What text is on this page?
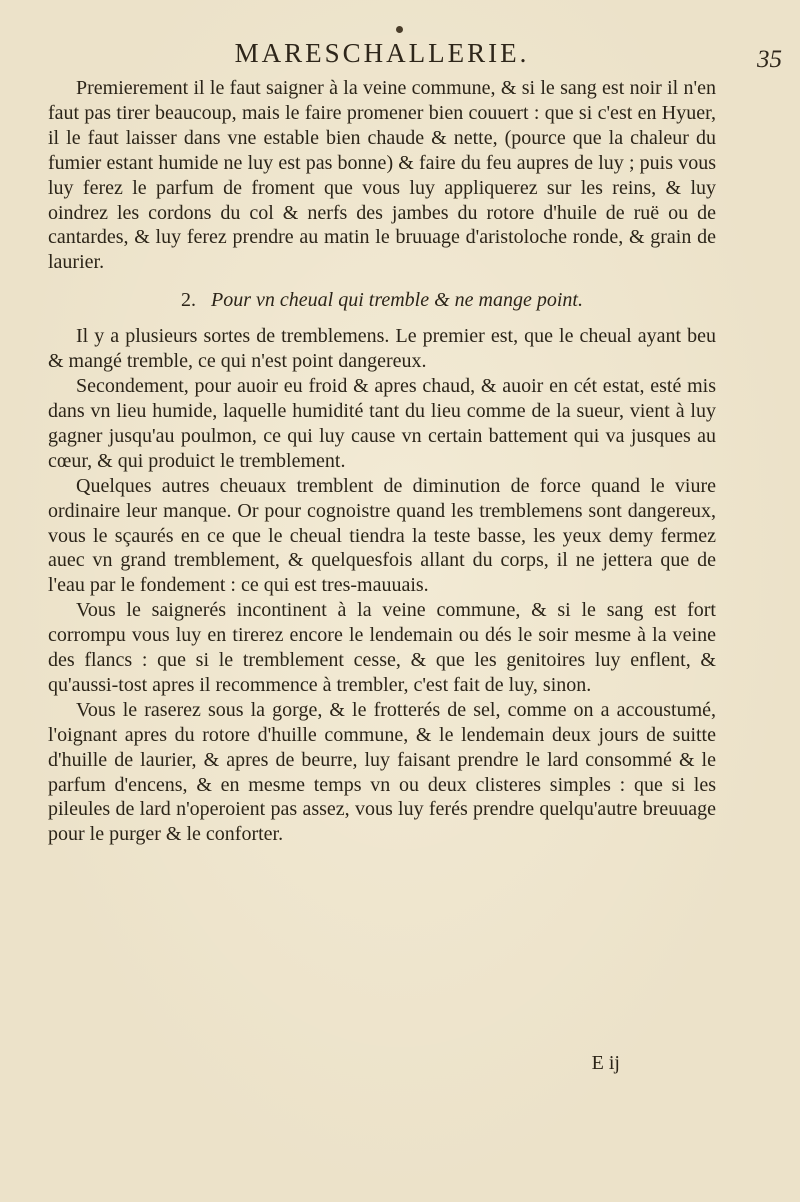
MARESCHALLERIE.	35

Premierement il le faut saigner à la veine commune, & si le sang est noir il n'en faut pas tirer beaucoup, mais le faire promener bien couuert : que si c'est en Hyuer, il le faut laisser dans vne estable bien chaude & nette, (pource que la chaleur du fumier estant humide ne luy est pas bonne) & faire du feu aupres de luy ; puis vous luy ferez le parfum de froment que vous luy appliquerez sur les reins, & luy oindrez les cordons du col & nerfs des jambes du rotore d'huile de ruë ou de cantardes, & luy ferez prendre au matin le bruuage d'aristoloche ronde, & grain de laurier.

2. Pour vn cheual qui tremble & ne mange point.

Il y a plusieurs sortes de tremblemens. Le premier est, que le cheual ayant beu & mangé tremble, ce qui n'est point dangereux.

Secondement, pour auoir eu froid & apres chaud, & auoir en cét estat, esté mis dans vn lieu humide, laquelle humidité tant du lieu comme de la sueur, vient à luy gagner jusqu'au poulmon, ce qui luy cause vn certain battement qui va jusques au cœur, & qui produict le tremblement.

Quelques autres cheuaux tremblent de diminution de force quand le viure ordinaire leur manque. Or pour cognoistre quand les tremblemens sont dangereux, vous le sçaurés en ce que le cheual tiendra la teste basse, les yeux demy fermez auec vn grand tremblement, & quelquesfois allant du corps, il ne jettera que de l'eau par le fondement : ce qui est tres-mauuais.

Vous le saignerés incontinent à la veine commune, & si le sang est fort corrompu vous luy en tirerez encore le lendemain ou dés le soir mesme à la veine des flancs : que si le tremblement cesse, & que les genitoires luy enflent, & qu'aussi-tost apres il recommence à trembler, c'est fait de luy, sinon.

Vous le raserez sous la gorge, & le frotterés de sel, comme on a accoustumé, l'oignant apres du rotore d'huille commune, & le lendemain deux jours de suitte d'huille de laurier, & apres de beurre, luy faisant prendre le lard consommé & le parfum d'encens, & en mesme temps vn ou deux clisteres simples : que si les pileules de lard n'operoient pas assez, vous luy ferés prendre quelqu'autre breuuage pour le purger & le conforter.

E ij
